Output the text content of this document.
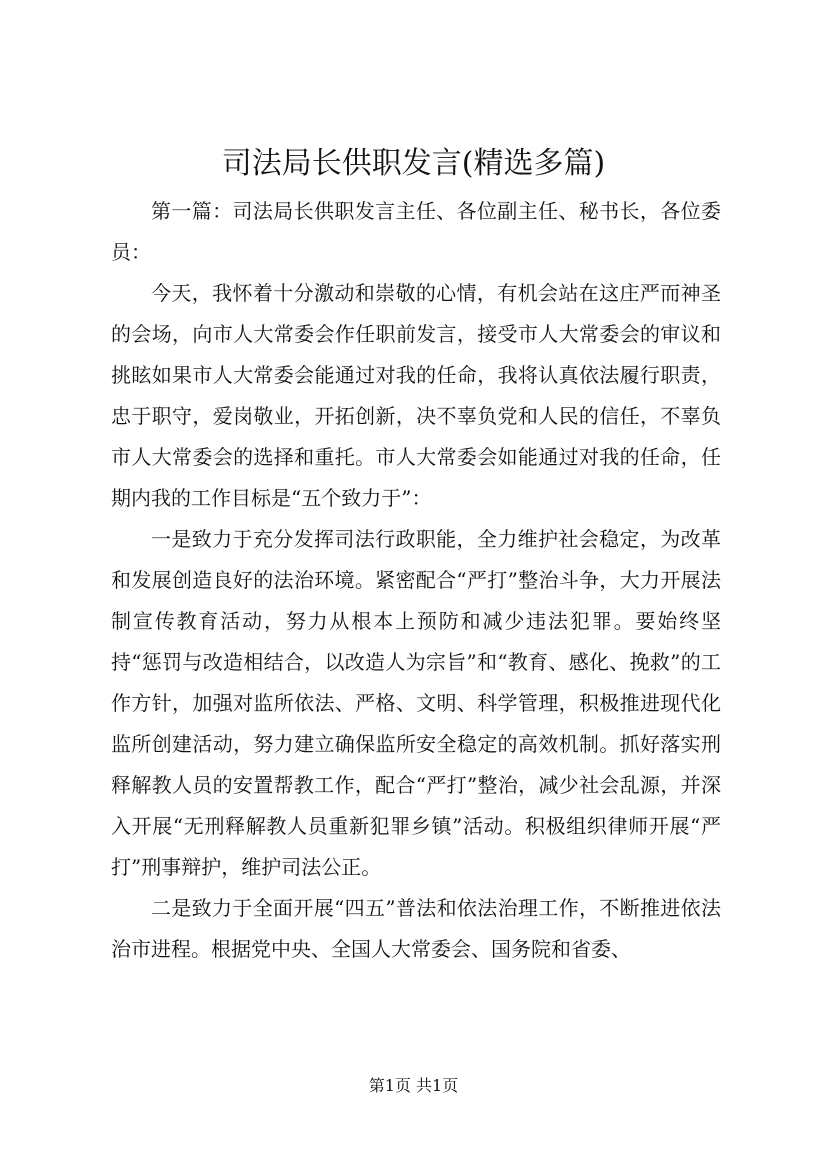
司法局长供职发言(精选多篇)

第一篇：司法局长供职发言主任、各位副主任、秘书长，各位委员：

今天，我怀着十分激动和崇敬的心情，有机会站在这庄严而神圣的会场，向市人大常委会作任职前发言，接受市人大常委会的审议和挑眩如果市人大常委会能通过对我的任命，我将认真依法履行职责，忠于职守，爱岗敬业，开拓创新，决不辜负党和人民的信任，不辜负市人大常委会的选择和重托。市人大常委会如能通过对我的任命，任期内我的工作目标是“五个致力于”：

一是致力于充分发挥司法行政职能，全力维护社会稳定，为改革和发展创造良好的法治环境。紧密配合“严打”整治斗争，大力开展法制宣传教育活动，努力从根本上预防和减少违法犯罪。要始终坚持“惩罚与改造相结合，以改造人为宗旨”和“教育、感化、挽救”的工作方针，加强对监所依法、严格、文明、科学管理，积极推进现代化监所创建活动，努力建立确保监所安全稳定的高效机制。抓好落实刑释解教人员的安置帮教工作，配合“严打”整治，减少社会乱源，并深入开展“无刑释解教人员重新犯罪乡镇”活动。积极组织律师开展“严打”刑事辩护，维护司法公正。

二是致力于全面开展“四五”普法和依法治理工作，不断推进依法治市进程。根据党中央、全国人大常委会、国务院和省委、

第1页 共1页
